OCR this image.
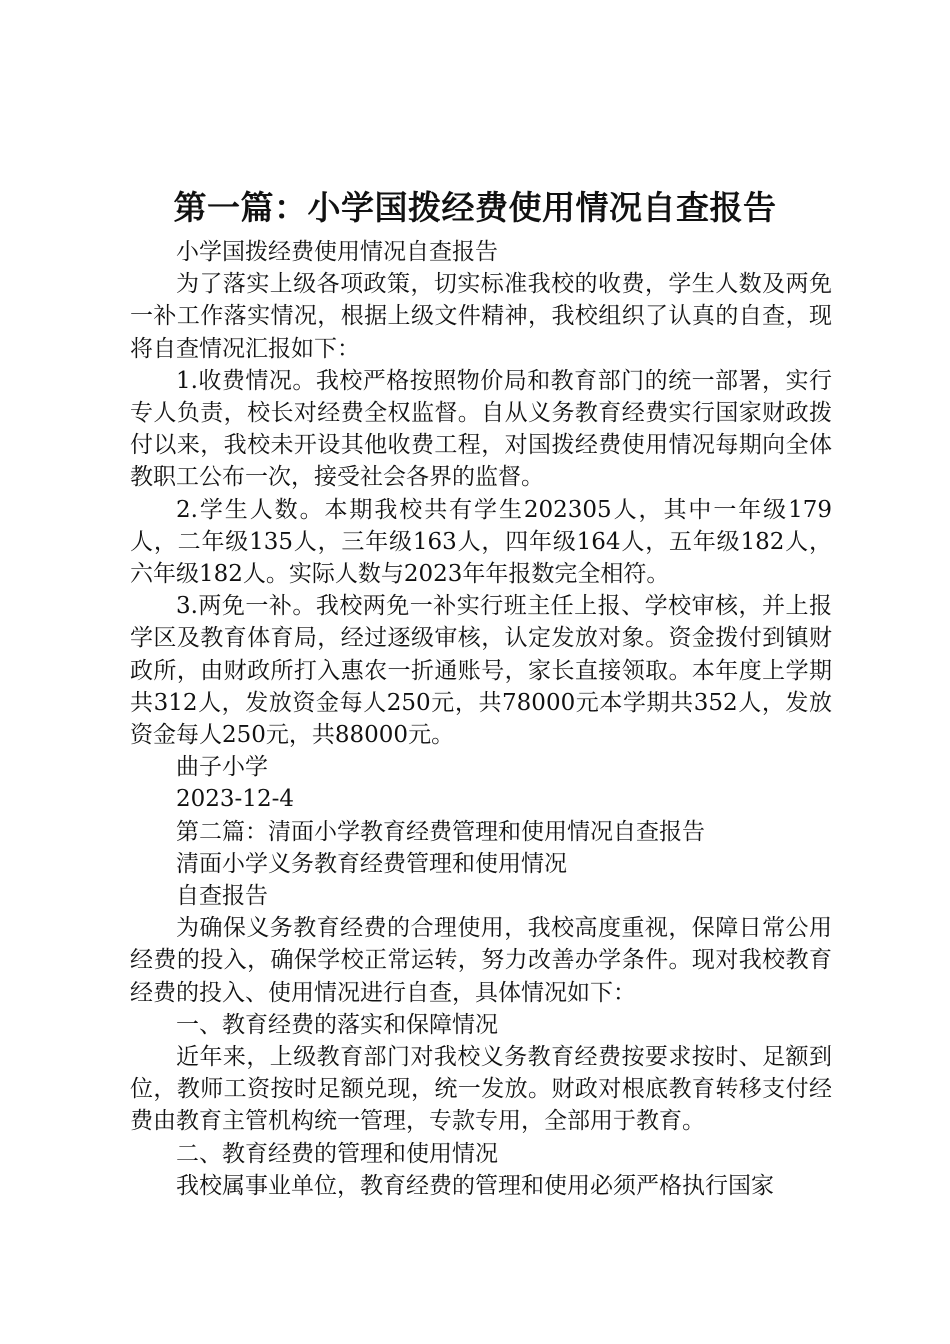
第一篇：小学国拨经费使用情况自查报告

小学国拨经费使用情况自查报告

为了落实上级各项政策，切实标准我校的收费，学生人数及两免一补工作落实情况，根据上级文件精神，我校组织了认真的自查，现将自查情况汇报如下：

1.收费情况。我校严格按照物价局和教育部门的统一部署，实行专人负责，校长对经费全权监督。自从义务教育经费实行国家财政拨付以来，我校未开设其他收费工程，对国拨经费使用情况每期向全体教职工公布一次，接受社会各界的监督。

2.学生人数。本期我校共有学生202305人，其中一年级179人，二年级135人，三年级163人，四年级164人，五年级182人，六年级182人。实际人数与2023年年报数完全相符。

3.两免一补。我校两免一补实行班主任上报、学校审核，并上报学区及教育体育局，经过逐级审核，认定发放对象。资金拨付到镇财政所，由财政所打入惠农一折通账号，家长直接领取。本年度上学期共312人，发放资金每人250元，共78000元本学期共352人，发放资金每人250元，共88000元。

曲子小学

2023-12-4

第二篇：清面小学教育经费管理和使用情况自查报告

清面小学义务教育经费管理和使用情况

自查报告

为确保义务教育经费的合理使用，我校高度重视，保障日常公用经费的投入，确保学校正常运转，努力改善办学条件。现对我校教育经费的投入、使用情况进行自查，具体情况如下：

一、教育经费的落实和保障情况

近年来，上级教育部门对我校义务教育经费按要求按时、足额到位，教师工资按时足额兑现，统一发放。财政对根底教育转移支付经费由教育主管机构统一管理，专款专用，全部用于教育。

二、教育经费的管理和使用情况

我校属事业单位，教育经费的管理和使用必须严格执行国家
